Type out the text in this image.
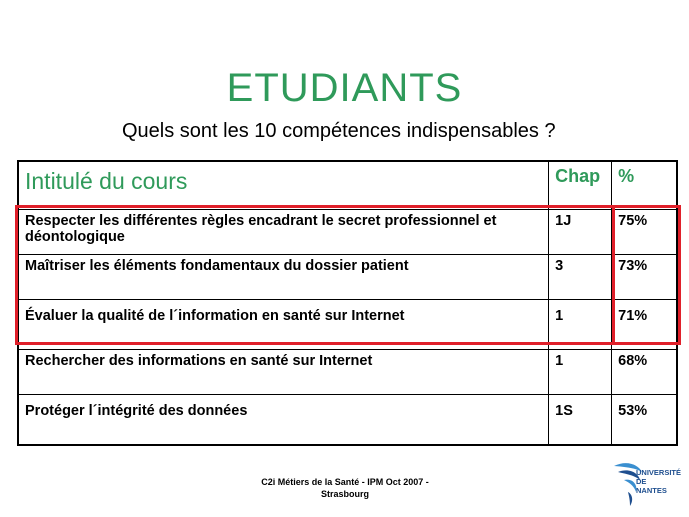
ETUDIANTS
Quels sont les 10 compétences indispensables ?
Intitulé du cours	Chap	%
Respecter les différentes règles encadrant le secret professionnel et déontologique	1J	75%
Maîtriser les éléments fondamentaux du dossier patient	3	73%
Évaluer la qualité de l´information en santé sur Internet	1	71%
Rechercher des informations en santé sur Internet	1	68%
Protéger l´intégrité des données	1S	53%
C2i Métiers de la Santé - IPM Oct 2007 -
Strasbourg
UNIVERSITÉ
DE
NANTES
